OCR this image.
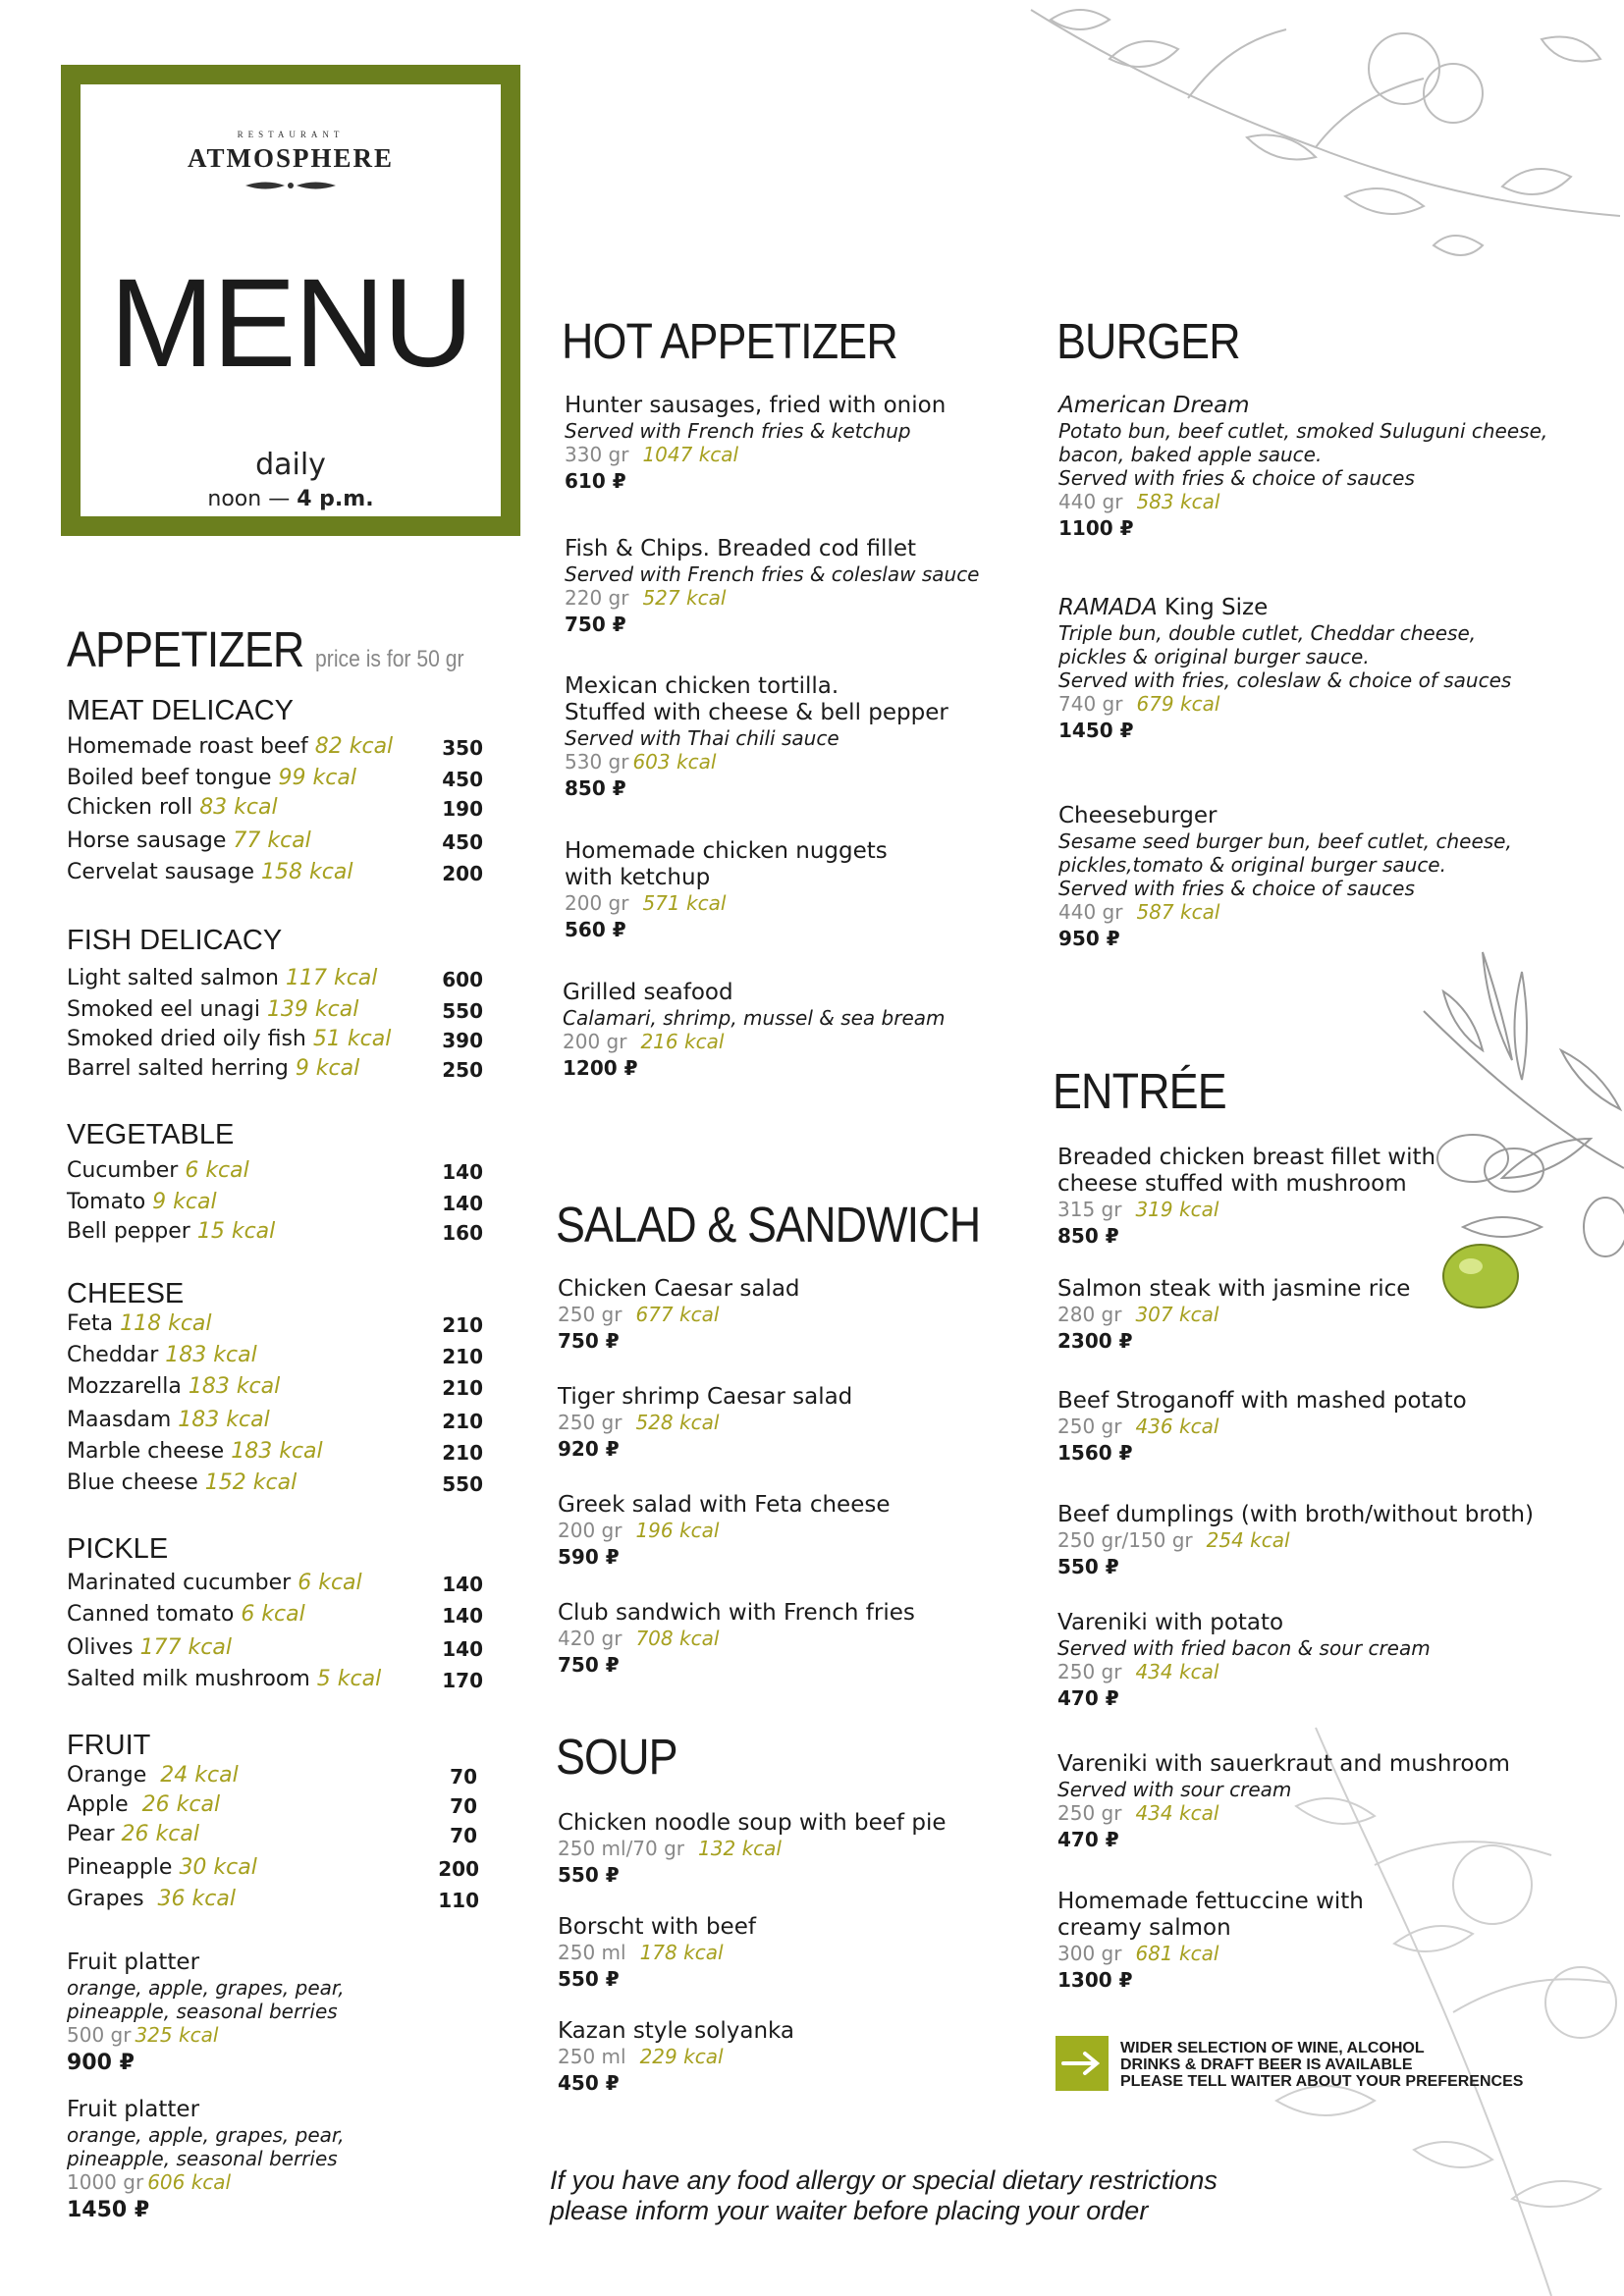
RESTAURANT
ATMOSPHERE
MENU
daily
noon — 4 p.m.
APPETIZER price is for 50 gr
MEAT DELICACY
Homemade roast beef 82 kcal	350
Boiled beef tongue 99 kcal	450
Chicken roll 83 kcal	190
Horse sausage 77 kcal	450
Cervelat sausage 158 kcal	200
FISH DELICACY
Light salted salmon 117 kcal	600
Smoked eel unagi 139 kcal	550
Smoked dried oily fish 51 kcal	390
Barrel salted herring 9 kcal	250
VEGETABLE
Cucumber 6 kcal	140
Tomato 9 kcal	140
Bell pepper 15 kcal	160
CHEESE
Feta 118 kcal	210
Cheddar 183 kcal	210
Mozzarella 183 kcal	210
Maasdam 183 kcal	210
Marble cheese 183 kcal	210
Blue cheese 152 kcal	550
PICKLE
Marinated cucumber 6 kcal	140
Canned tomato 6 kcal	140
Olives 177 kcal	140
Salted milk mushroom 5 kcal	170
FRUIT
Orange 24 kcal	70
Apple 26 kcal	70
Pear 26 kcal	70
Pineapple 30 kcal	200
Grapes 36 kcal	110
Fruit platter
orange, apple, grapes, pear,
pineapple, seasonal berries
500 gr 325 kcal
900 ₽
Fruit platter
orange, apple, grapes, pear,
pineapple, seasonal berries
1000 gr 606 kcal
1450 ₽
HOT APPETIZER
Hunter sausages, fried with onion
Served with French fries & ketchup
330 gr 1047 kcal
610 ₽
Fish & Chips. Breaded cod fillet
Served with French fries & coleslaw sauce
220 gr 527 kcal
750 ₽
Mexican chicken tortilla.
Stuffed with cheese & bell pepper
Served with Thai chili sauce
530 gr 603 kcal
850 ₽
Homemade chicken nuggets
with ketchup
200 gr 571 kcal
560 ₽
Grilled seafood
Calamari, shrimp, mussel & sea bream
200 gr 216 kcal
1200 ₽
SALAD & SANDWICH
Chicken Caesar salad
250 gr 677 kcal
750 ₽
Tiger shrimp Caesar salad
250 gr 528 kcal
920 ₽
Greek salad with Feta cheese
200 gr 196 kcal
590 ₽
Club sandwich with French fries
420 gr 708 kcal
750 ₽
SOUP
Chicken noodle soup with beef pie
250 ml/70 gr 132 kcal
550 ₽
Borscht with beef
250 ml 178 kcal
550 ₽
Kazan style solyanka
250 ml 229 kcal
450 ₽
BURGER
American Dream
Potato bun, beef cutlet, smoked Suluguni cheese,
bacon, baked apple sauce.
Served with fries & choice of sauces
440 gr 583 kcal
1100 ₽
RAMADA King Size
Triple bun, double cutlet, Cheddar cheese,
pickles & original burger sauce.
Served with fries, coleslaw & choice of sauces
740 gr 679 kcal
1450 ₽
Cheeseburger
Sesame seed burger bun, beef cutlet, cheese,
pickles,tomato & original burger sauce.
Served with fries & choice of sauces
440 gr 587 kcal
950 ₽
ENTRÉE
Breaded chicken breast fillet with
cheese stuffed with mushroom
315 gr 319 kcal
850 ₽
Salmon steak with jasmine rice
280 gr 307 kcal
2300 ₽
Beef Stroganoff with mashed potato
250 gr 436 kcal
1560 ₽
Beef dumplings (with broth/without broth)
250 gr/150 gr 254 kcal
550 ₽
Vareniki with potato
Served with fried bacon & sour cream
250 gr 434 kcal
470 ₽
Vareniki with sauerkraut and mushroom
Served with sour cream
250 gr 434 kcal
470 ₽
Homemade fettuccine with
creamy salmon
300 gr 681 kcal
1300 ₽
WIDER SELECTION OF WINE, ALCOHOL
DRINKS & DRAFT BEER IS AVAILABLE
PLEASE TELL WAITER ABOUT YOUR PREFERENCES
If you have any food allergy or special dietary restrictions
please inform your waiter before placing your order
